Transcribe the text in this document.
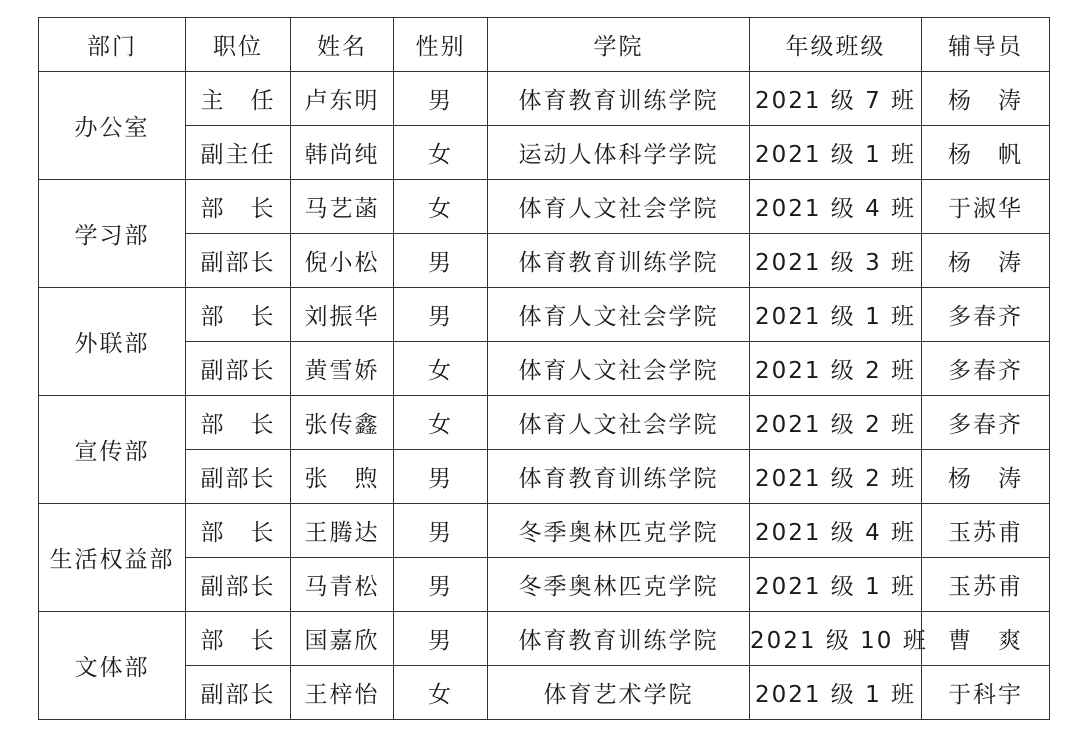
部门	职位	姓名	性别	学院	年级班级	辅导员
办公室	主　任	卢东明	男	体育教育训练学院	2021 级 7 班	杨　涛
	副主任	韩尚纯	女	运动人体科学学院	2021 级 1 班	杨　帆
学习部	部　长	马艺菡	女	体育人文社会学院	2021 级 4 班	于淑华
	副部长	倪小松	男	体育教育训练学院	2021 级 3 班	杨　涛
外联部	部　长	刘振华	男	体育人文社会学院	2021 级 1 班	多春齐
	副部长	黄雪娇	女	体育人文社会学院	2021 级 2 班	多春齐
宣传部	部　长	张传鑫	女	体育人文社会学院	2021 级 2 班	多春齐
	副部长	张　煦	男	体育教育训练学院	2021 级 2 班	杨　涛
生活权益部	部　长	王腾达	男	冬季奥林匹克学院	2021 级 4 班	玉苏甫
	副部长	马青松	男	冬季奥林匹克学院	2021 级 1 班	玉苏甫
文体部	部　长	国嘉欣	男	体育教育训练学院	2021 级 10 班	曹　爽
	副部长	王梓怡	女	体育艺术学院	2021 级 1 班	于科宇
